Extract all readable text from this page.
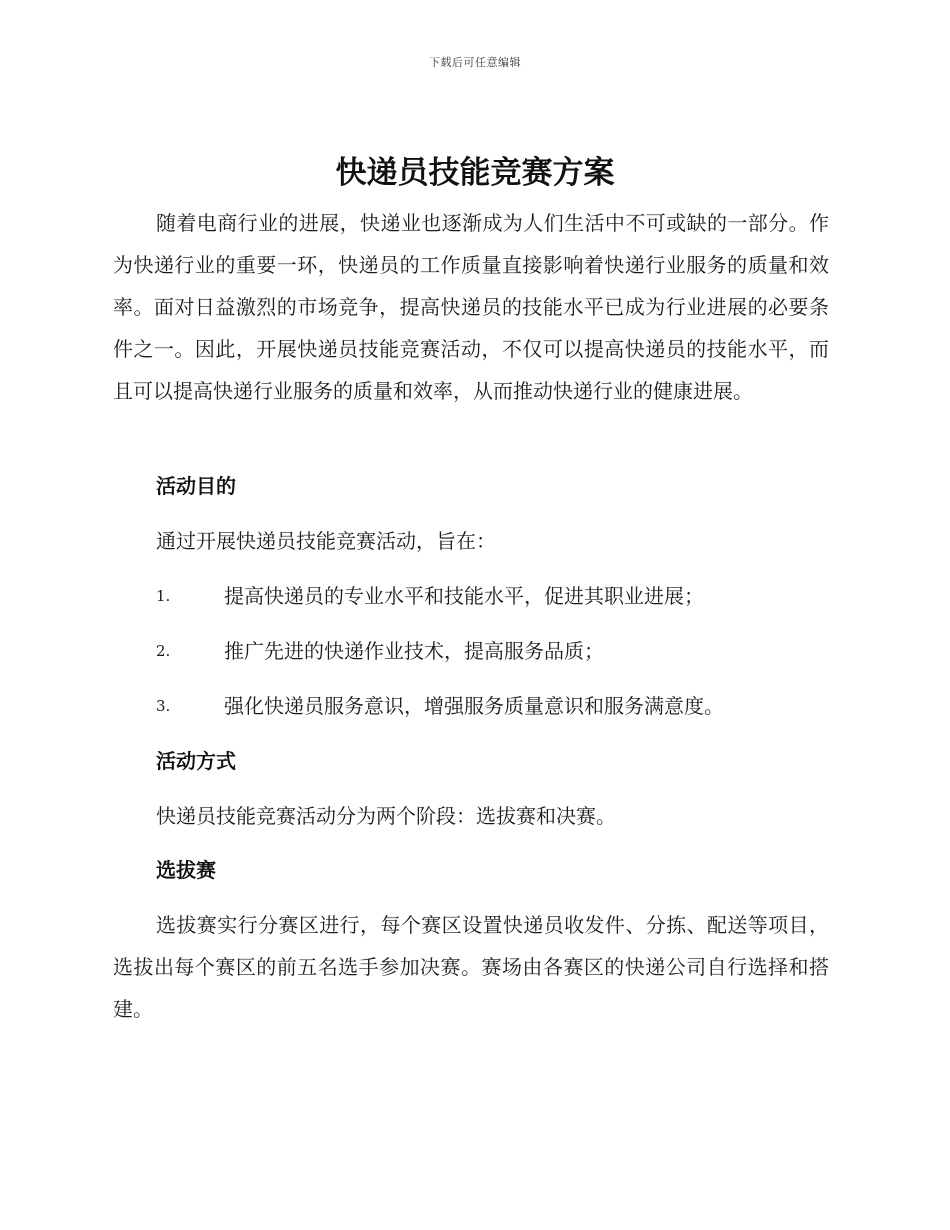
下载后可任意编辑
快递员技能竞赛方案

随着电商行业的进展，快递业也逐渐成为人们生活中不可或缺的一部分。作为快递行业的重要一环，快递员的工作质量直接影响着快递行业服务的质量和效率。面对日益激烈的市场竞争，提高快递员的技能水平已成为行业进展的必要条件之一。因此，开展快递员技能竞赛活动，不仅可以提高快递员的技能水平，而且可以提高快递行业服务的质量和效率，从而推动快递行业的健康进展。

活动目的

通过开展快递员技能竞赛活动，旨在：

1.	提高快递员的专业水平和技能水平，促进其职业进展；
2.	推广先进的快递作业技术，提高服务品质；
3.	强化快递员服务意识，增强服务质量意识和服务满意度。
活动方式

快递员技能竞赛活动分为两个阶段：选拔赛和决赛。

选拔赛

选拔赛实行分赛区进行，每个赛区设置快递员收发件、分拣、配送等项目，选拔出每个赛区的前五名选手参加决赛。赛场由各赛区的快递公司自行选择和搭建。
